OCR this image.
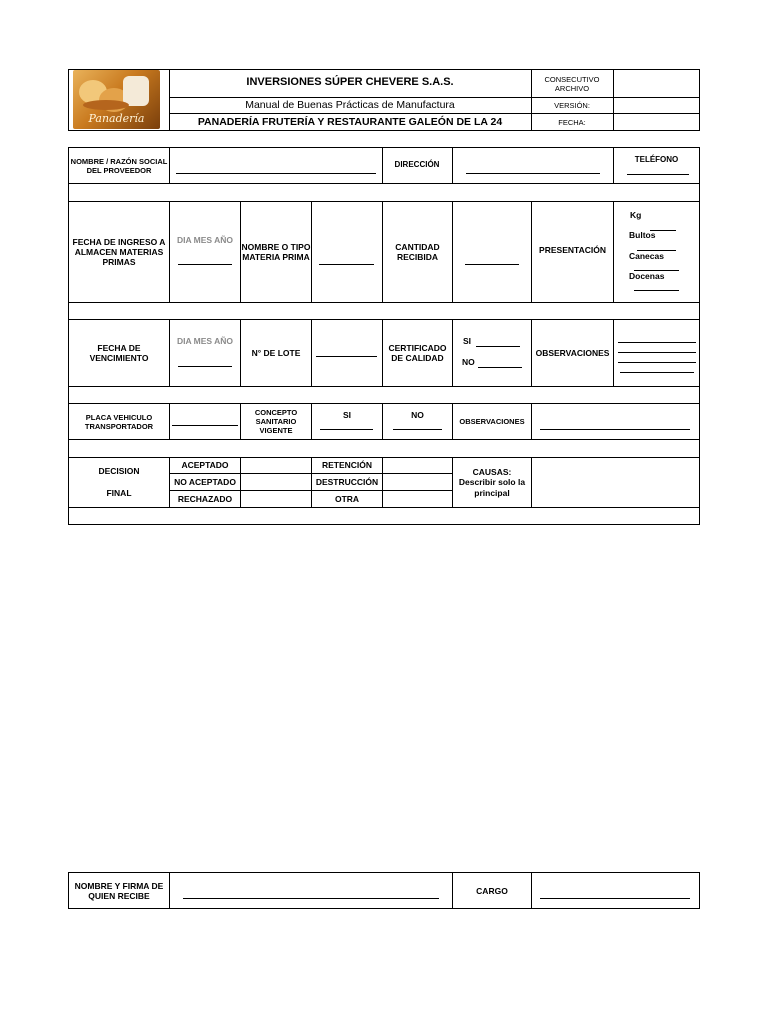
Panadería
INVERSIONES SÚPER CHEVERE S.A.S.
Manual de Buenas Prácticas de Manufactura
PANADERÍA FRUTERÍA Y RESTAURANTE GALEÓN DE LA 24
CONSECUTIVO ARCHIVO
VERSIÓN:
FECHA:
NOMBRE / RAZÓN SOCIAL DEL PROVEEDOR
DIRECCIÓN
TELÉFONO
FECHA DE INGRESO A ALMACEN MATERIAS PRIMAS
DIA MES AÑO
NOMBRE O TIPO MATERIA PRIMA
CANTIDAD RECIBIDA
PRESENTACIÓN
Kg
Bultos
Canecas
Docenas
FECHA DE VENCIMIENTO
DIA MES AÑO
N° DE LOTE
CERTIFICADO DE CALIDAD
SI
NO
OBSERVACIONES
PLACA VEHICULO TRANSPORTADOR
CONCEPTO SANITARIO VIGENTE
SI	NO
OBSERVACIONES
DECISION
FINAL
ACEPTADO
NO ACEPTADO
RECHAZADO
RETENCIÓN
DESTRUCCIÓN
OTRA
CAUSAS: Describir solo la principal
NOMBRE Y FIRMA DE QUIEN RECIBE
CARGO
